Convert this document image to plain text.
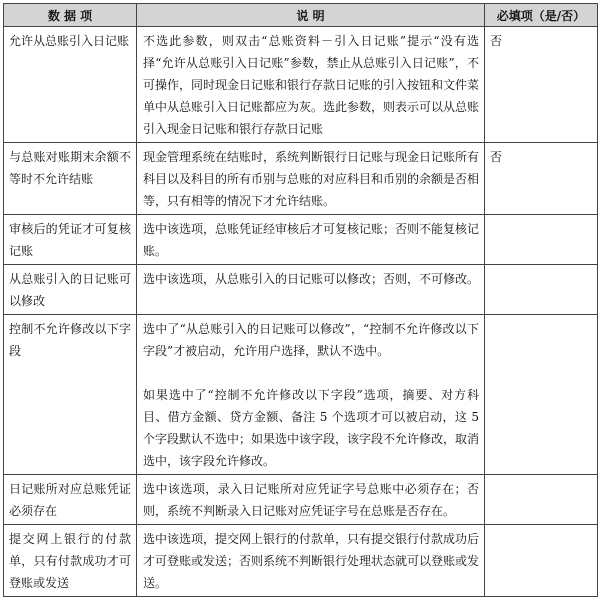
数 据 项	说 明	必填项（是/否）
允许从总账引入日记账	不选此参数，则双击“总账资料－引入日记账”提示“没有选择“允许从总账引入日记账”参数，禁止从总账引入日记账”，不可操作，同时现金日记账和银行存款日记账的引入按钮和文件菜单中从总账引入日记账都应为灰。选此参数，则表示可以从总账引入现金日记账和银行存款日记账	否
与总账对账期末余额不等时不允许结账	现金管理系统在结账时，系统判断银行日记账与现金日记账所有科目以及科目的所有币别与总账的对应科目和币别的余额是否相等，只有相等的情况下才允许结账。	否
审核后的凭证才可复核记账	选中该选项，总账凭证经审核后才可复核记账；否则不能复核记账。	

从总账引入的日记账可以修改	选中该选项，从总账引入的日记账可以修改；否则，不可修改。	

控制不允许修改以下字段	选中了“从总账引入的日记账可以修改”，“控制不允许修改以下字段”才被启动，允许用户选择，默认不选中。
如果选中了“控制不允许修改以下字段”选项，摘要、对方科目、借方金额、贷方金额、备注 5 个选项才可以被启动，这 5 个字段默认不选中；如果选中该字段，该字段不允许修改，取消选中，该字段允许修改。	

日记账所对应总账凭证必须存在	选中该选项，录入日记账所对应凭证字号总账中必须存在；否则，系统不判断录入日记账对应凭证字号在总账是否存在。	

提交网上银行的付款单，只有付款成功才可登账或发送	选中该选项，提交网上银行的付款单，只有提交银行付款成功后才可登账或发送；否则系统不判断银行处理状态就可以登账或发送。	
